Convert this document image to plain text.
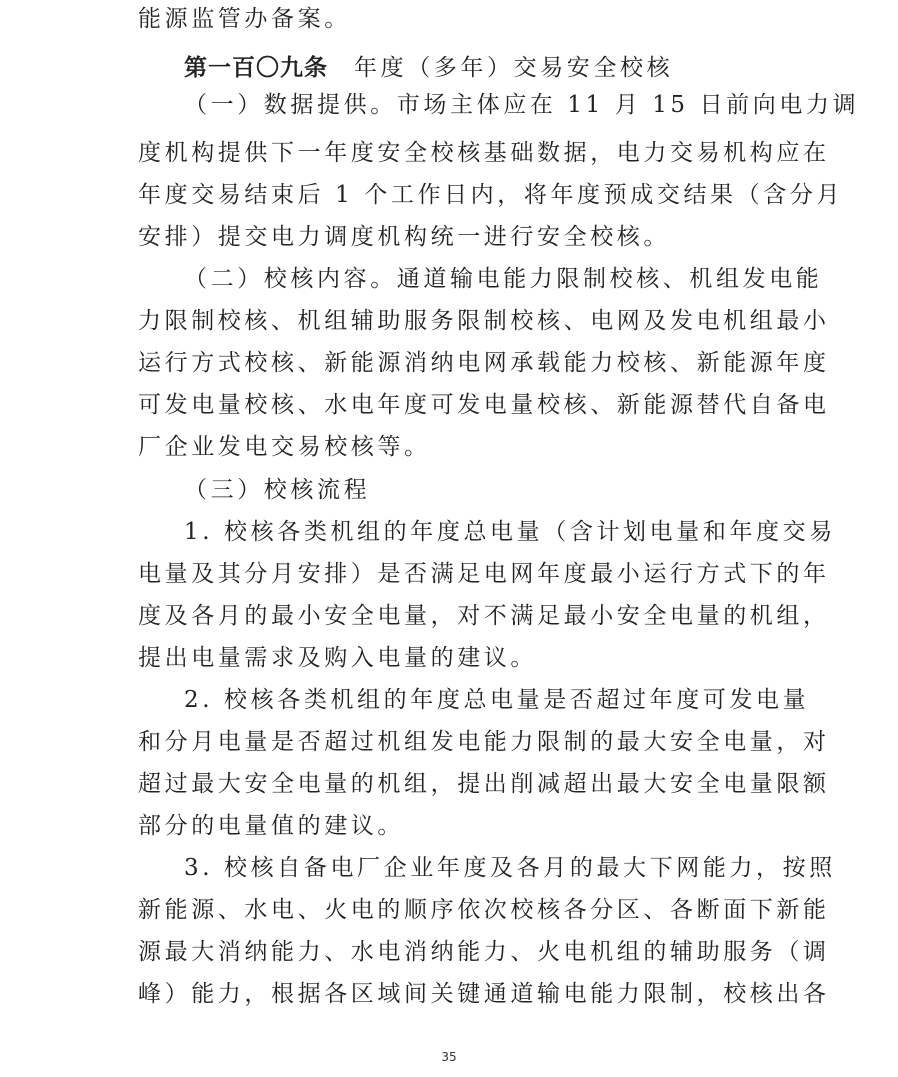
能源监管办备案。
第一百〇九条 年度（多年）交易安全校核
（一）数据提供。市场主体应在 11 月 15 日前向电力调
度机构提供下一年度安全校核基础数据，电力交易机构应在
年度交易结束后 1 个工作日内，将年度预成交结果（含分月
安排）提交电力调度机构统一进行安全校核。
（二）校核内容。通道输电能力限制校核、机组发电能
力限制校核、机组辅助服务限制校核、电网及发电机组最小
运行方式校核、新能源消纳电网承载能力校核、新能源年度
可发电量校核、水电年度可发电量校核、新能源替代自备电
厂企业发电交易校核等。
（三）校核流程
1. 校核各类机组的年度总电量（含计划电量和年度交易
电量及其分月安排）是否满足电网年度最小运行方式下的年
度及各月的最小安全电量，对不满足最小安全电量的机组，
提出电量需求及购入电量的建议。
2. 校核各类机组的年度总电量是否超过年度可发电量
和分月电量是否超过机组发电能力限制的最大安全电量，对
超过最大安全电量的机组，提出削减超出最大安全电量限额
部分的电量值的建议。
3. 校核自备电厂企业年度及各月的最大下网能力，按照
新能源、水电、火电的顺序依次校核各分区、各断面下新能
源最大消纳能力、水电消纳能力、火电机组的辅助服务（调
峰）能力，根据各区域间关键通道输电能力限制，校核出各
35
